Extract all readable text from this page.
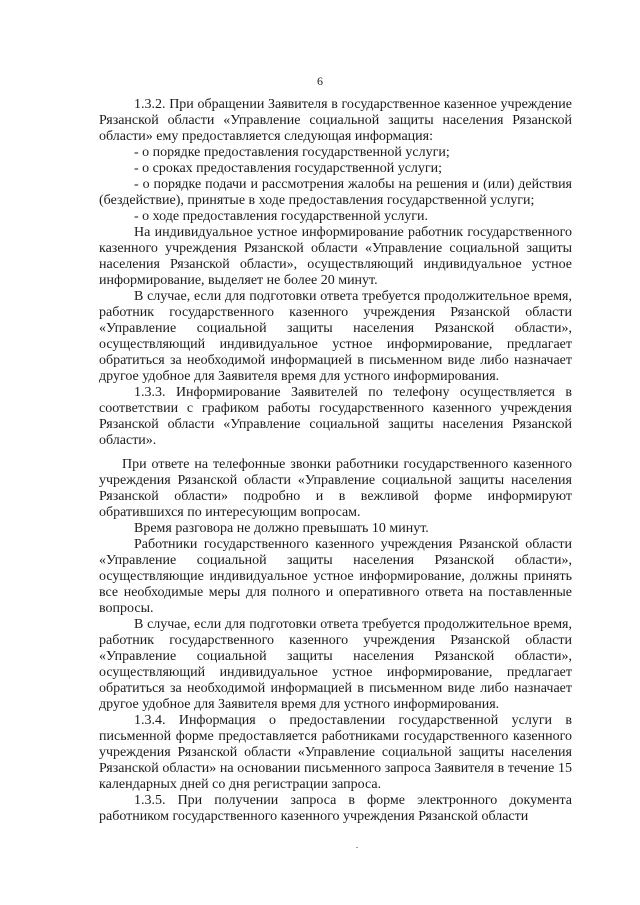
6

1.3.2. При обращении Заявителя в государственное казенное учреждение Рязанской области «Управление социальной защиты населения Рязанской области» ему предоставляется следующая информация:

- о порядке предоставления государственной услуги;

- о сроках предоставления государственной услуги;

- о порядке подачи и рассмотрения жалобы на решения и (или) действия (бездействие), принятые в ходе предоставления государственной услуги;

- о ходе предоставления государственной услуги.

На индивидуальное устное информирование работник государственного казенного учреждения Рязанской области «Управление социальной защиты населения Рязанской области», осуществляющий индивидуальное устное информирование, выделяет не более 20 минут.

В случае, если для подготовки ответа требуется продолжительное время, работник государственного казенного учреждения Рязанской области «Управление социальной защиты населения Рязанской области», осуществляющий индивидуальное устное информирование, предлагает обратиться за необходимой информацией в письменном виде либо назначает другое удобное для Заявителя время для устного информирования.

1.3.3. Информирование Заявителей по телефону осуществляется в соответствии с графиком работы государственного казенного учреждения Рязанской области «Управление социальной защиты населения Рязанской области».

При ответе на телефонные звонки работники государственного казенного учреждения Рязанской области «Управление социальной защиты населения Рязанской области» подробно и в вежливой форме информируют обратившихся по интересующим вопросам.

Время разговора не должно превышать 10 минут.

Работники государственного казенного учреждения Рязанской области «Управление социальной защиты населения Рязанской области», осуществляющие индивидуальное устное информирование, должны принять все необходимые меры для полного и оперативного ответа на поставленные вопросы.

В случае, если для подготовки ответа требуется продолжительное время, работник государственного казенного учреждения Рязанской области «Управление социальной защиты населения Рязанской области», осуществляющий индивидуальное устное информирование, предлагает обратиться за необходимой информацией в письменном виде либо назначает другое удобное для Заявителя время для устного информирования.

1.3.4. Информация о предоставлении государственной услуги в письменной форме предоставляется работниками государственного казенного учреждения Рязанской области «Управление социальной защиты населения Рязанской области» на основании письменного запроса Заявителя в течение 15 календарных дней со дня регистрации запроса.

1.3.5. При получении запроса в форме электронного документа работником государственного казенного учреждения Рязанской области
